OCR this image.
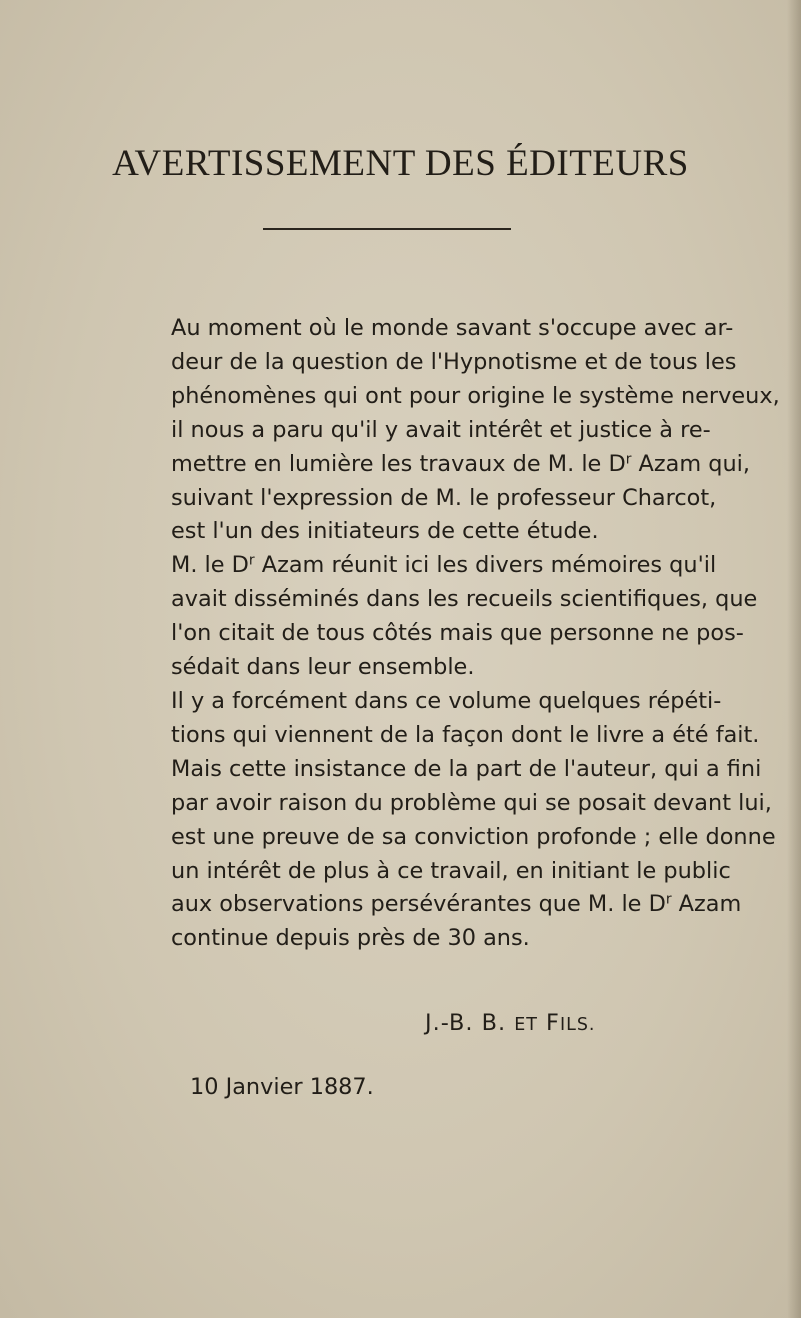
AVERTISSEMENT DES ÉDITEURS

Au moment où le monde savant s'occupe avec ar-
deur de la question de l'Hypnotisme et de tous les
phénomènes qui ont pour origine le système nerveux,
il nous a paru qu'il y avait intérêt et justice à re-
mettre en lumière les travaux de M. le $D^r$ Azam qui,
suivant l'expression de M. le professeur Charcot,
est l'un des initiateurs de cette étude.

M. le $D^r$ Azam réunit ici les divers mémoires qu'il
avait disséminés dans les recueils scientifiques, que
l'on citait de tous côtés mais que personne ne pos-
sédait dans leur ensemble.

Il y a forcément dans ce volume quelques répéti-
tions qui viennent de la façon dont le livre a été fait.

Mais cette insistance de la part de l'auteur, qui a fini
par avoir raison du problème qui se posait devant lui,
est une preuve de sa conviction profonde ; elle donne
un intérêt de plus à ce travail, en initiant le public
aux observations persévérantes que M. le $D^r$ Azam
continue depuis près de 30 ans.

J.-B. B. ET FILS.
10 Janvier 1887.
